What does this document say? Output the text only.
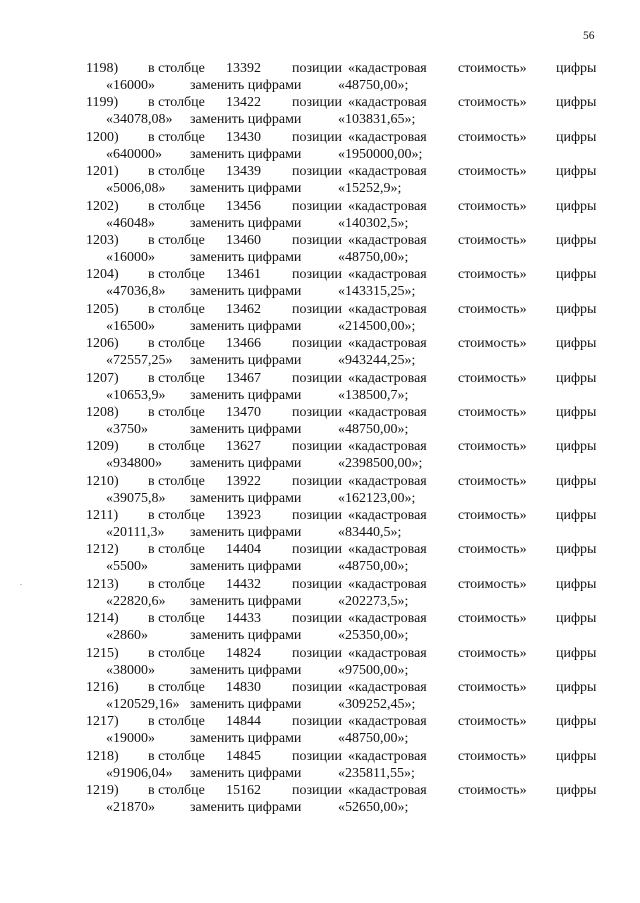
56
.
1198) в столбце 13392 позиции «кадастровая стоимость» цифры
«16000»	заменить цифрами	«48750,00»;
1199) в столбце 13422 позиции «кадастровая стоимость» цифры
«34078,08» заменить цифрами	«103831,65»;
1200) в столбце 13430 позиции «кадастровая стоимость» цифры
«640000» заменить цифрами	«1950000,00»;
1201) в столбце 13439 позиции «кадастровая стоимость» цифры
«5006,08» заменить цифрами	«15252,9»;
1202) в столбце 13456 позиции «кадастровая стоимость» цифры
«46048»	заменить цифрами	«140302,5»;
1203) в столбце 13460 позиции «кадастровая стоимость» цифры
«16000»	заменить цифрами	«48750,00»;
1204) в столбце 13461 позиции «кадастровая стоимость» цифры
«47036,8» заменить цифрами	«143315,25»;
1205) в столбце 13462 позиции «кадастровая стоимость» цифры
«16500»	заменить цифрами	«214500,00»;
1206) в столбце 13466 позиции «кадастровая стоимость» цифры
«72557,25» заменить цифрами	«943244,25»;
1207) в столбце 13467 позиции «кадастровая стоимость» цифры
«10653,9» заменить цифрами	«138500,7»;
1208) в столбце 13470 позиции «кадастровая стоимость» цифры
«3750»	заменить цифрами	«48750,00»;
1209) в столбце 13627 позиции «кадастровая стоимость» цифры
«934800» заменить цифрами	«2398500,00»;
1210) в столбце 13922 позиции «кадастровая стоимость» цифры
«39075,8» заменить цифрами	«162123,00»;
1211) в столбце 13923 позиции «кадастровая стоимость» цифры
«20111,3» заменить цифрами	«83440,5»;
1212) в столбце 14404 позиции «кадастровая стоимость» цифры
«5500»	заменить цифрами	«48750,00»;
1213) в столбце 14432 позиции «кадастровая стоимость» цифры
«22820,6» заменить цифрами	«202273,5»;
1214) в столбце 14433 позиции «кадастровая стоимость» цифры
«2860»	заменить цифрами	«25350,00»;
1215) в столбце 14824 позиции «кадастровая стоимость» цифры
«38000»	заменить цифрами	«97500,00»;
1216) в столбце 14830 позиции «кадастровая стоимость» цифры
«120529,16» заменить цифрами	«309252,45»;
1217) в столбце 14844 позиции «кадастровая стоимость» цифры
«19000»	заменить цифрами	«48750,00»;
1218) в столбце 14845 позиции «кадастровая стоимость» цифры
«91906,04» заменить цифрами	«235811,55»;
1219) в столбце 15162 позиции «кадастровая стоимость» цифры
«21870»	заменить цифрами	«52650,00»;
